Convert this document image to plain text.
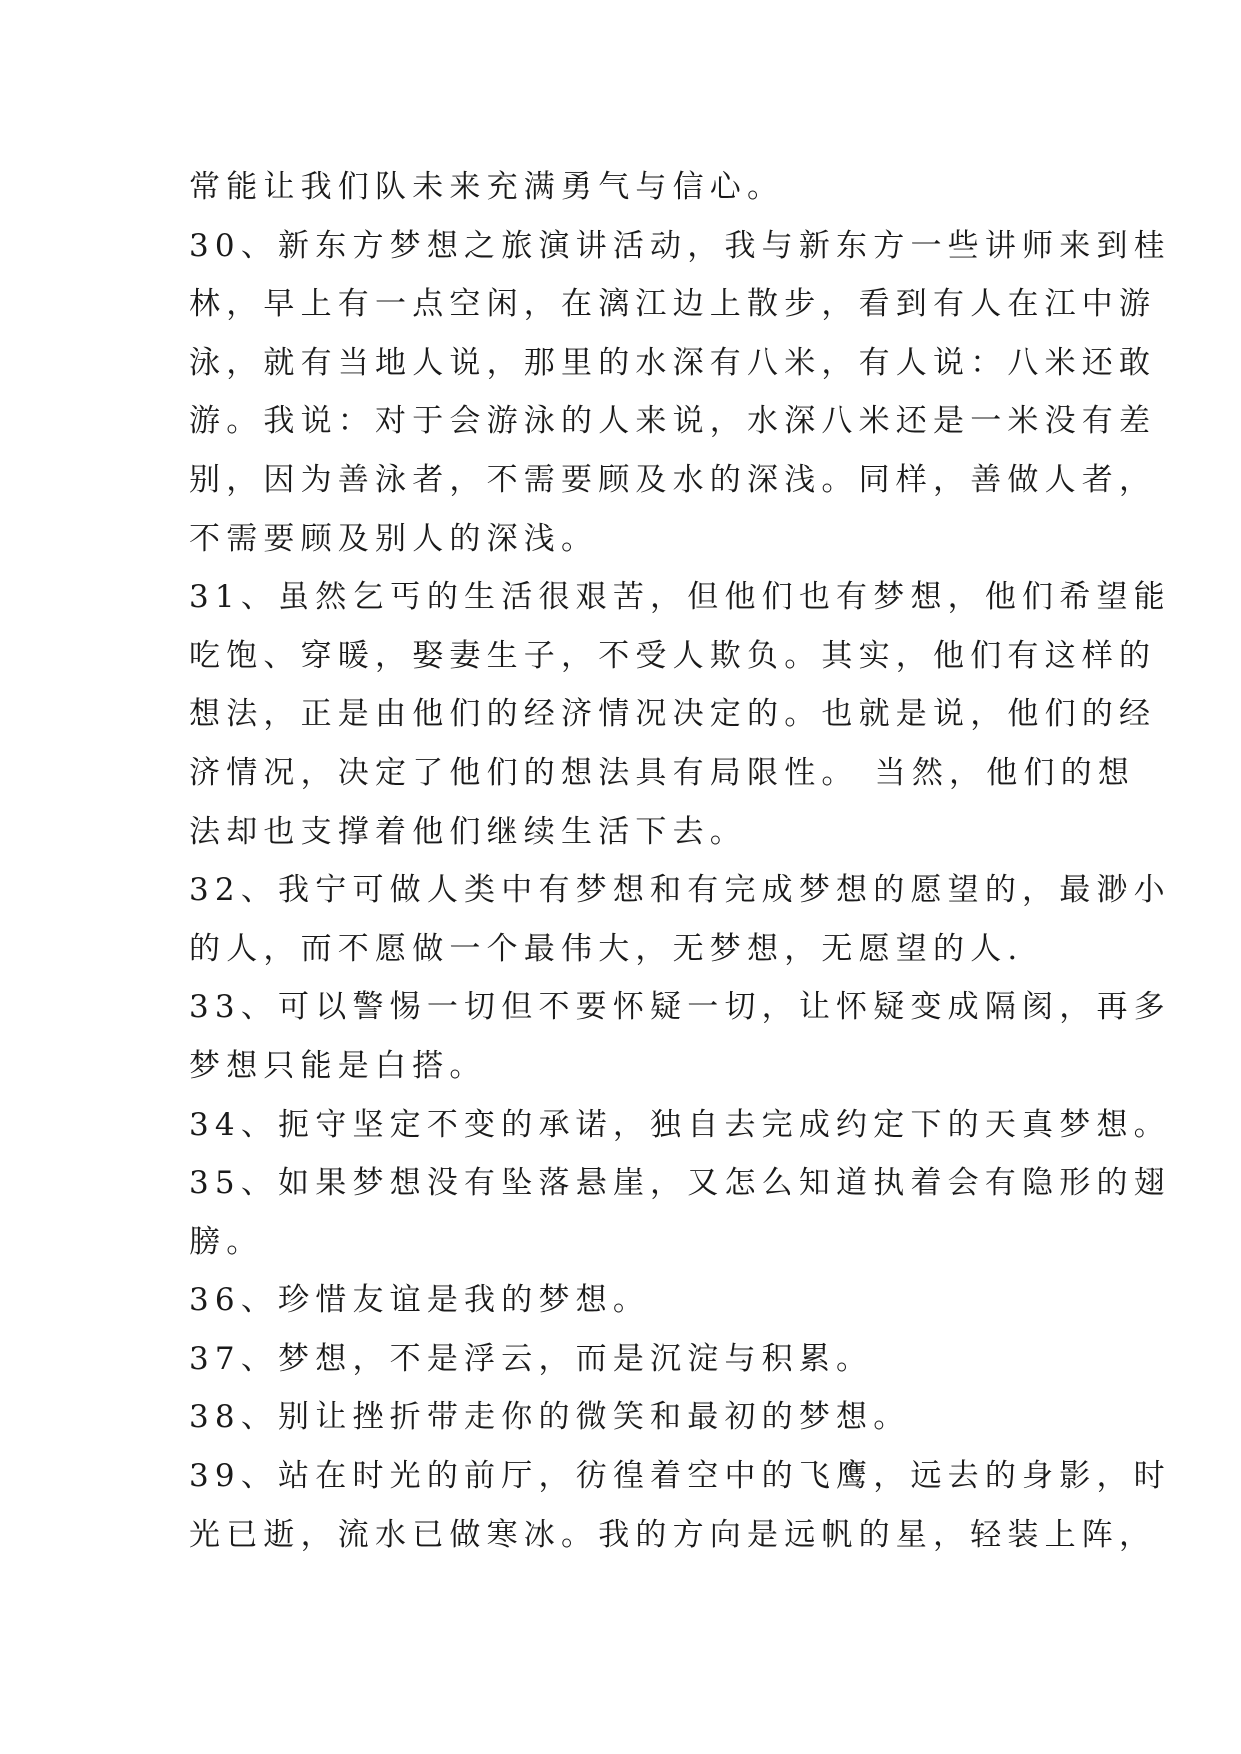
常能让我们队未来充满勇气与信心。
30、新东方梦想之旅演讲活动，我与新东方一些讲师来到桂
林，早上有一点空闲，在漓江边上散步，看到有人在江中游
泳，就有当地人说，那里的水深有八米，有人说：八米还敢
游。我说：对于会游泳的人来说，水深八米还是一米没有差
别，因为善泳者，不需要顾及水的深浅。同样，善做人者，
不需要顾及别人的深浅。
31、虽然乞丐的生活很艰苦，但他们也有梦想，他们希望能
吃饱、穿暖，娶妻生子，不受人欺负。其实，他们有这样的
想法，正是由他们的经济情况决定的。也就是说，他们的经
济情况，决定了他们的想法具有局限性。 当然，他们的想
法却也支撑着他们继续生活下去。
32、我宁可做人类中有梦想和有完成梦想的愿望的，最渺小
的人，而不愿做一个最伟大，无梦想，无愿望的人.
33、可以警惕一切但不要怀疑一切，让怀疑变成隔阂，再多
梦想只能是白搭。
34、扼守坚定不变的承诺，独自去完成约定下的天真梦想。
35、如果梦想没有坠落悬崖，又怎么知道执着会有隐形的翅
膀。
36、珍惜友谊是我的梦想。
37、梦想，不是浮云，而是沉淀与积累。
38、别让挫折带走你的微笑和最初的梦想。
39、站在时光的前厅，彷徨着空中的飞鹰，远去的身影，时
光已逝，流水已做寒冰。我的方向是远帆的星，轻装上阵，
